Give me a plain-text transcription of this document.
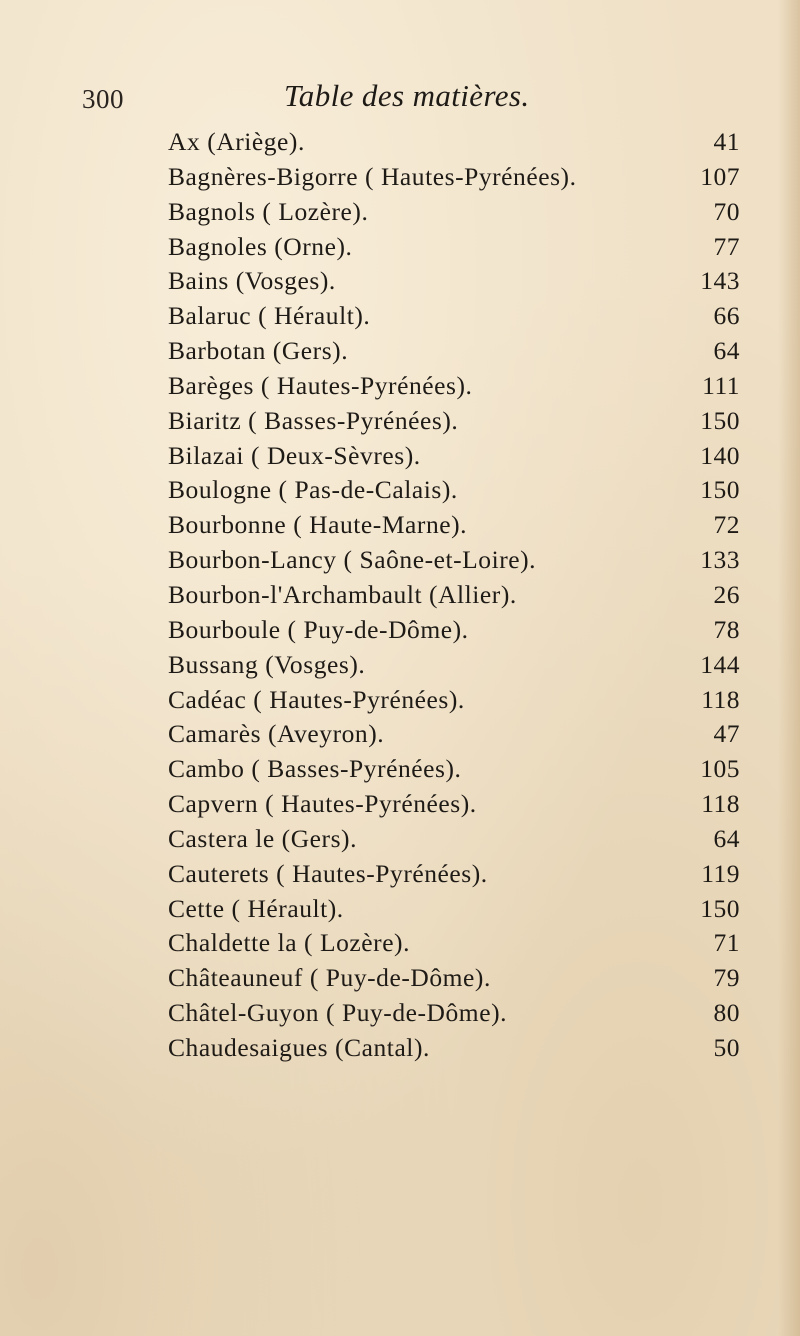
300	Table des matières.
Ax (Ariège).	41
Bagnères-Bigorre ( Hautes-Pyrénées).	107
Bagnols ( Lozère).	70
Bagnoles (Orne).	77
Bains (Vosges).	143
Balaruc ( Hérault).	66
Barbotan (Gers).	64
Barèges ( Hautes-Pyrénées).	111
Biaritz ( Basses-Pyrénées).	150
Bilazai ( Deux-Sèvres).	140
Boulogne ( Pas-de-Calais).	150
Bourbonne ( Haute-Marne).	72
Bourbon-Lancy ( Saône-et-Loire).	133
Bourbon-l'Archambault (Allier).	26
Bourboule ( Puy-de-Dôme).	78
Bussang (Vosges).	144
Cadéac ( Hautes-Pyrénées).	118
Camarès (Aveyron).	47
Cambo ( Basses-Pyrénées).	105
Capvern ( Hautes-Pyrénées).	118
Castera le (Gers).	64
Cauterets ( Hautes-Pyrénées).	119
Cette ( Hérault).	150
Chaldette la ( Lozère).	71
Châteauneuf ( Puy-de-Dôme).	79
Châtel-Guyon ( Puy-de-Dôme).	80
Chaudesaigues (Cantal).	50
